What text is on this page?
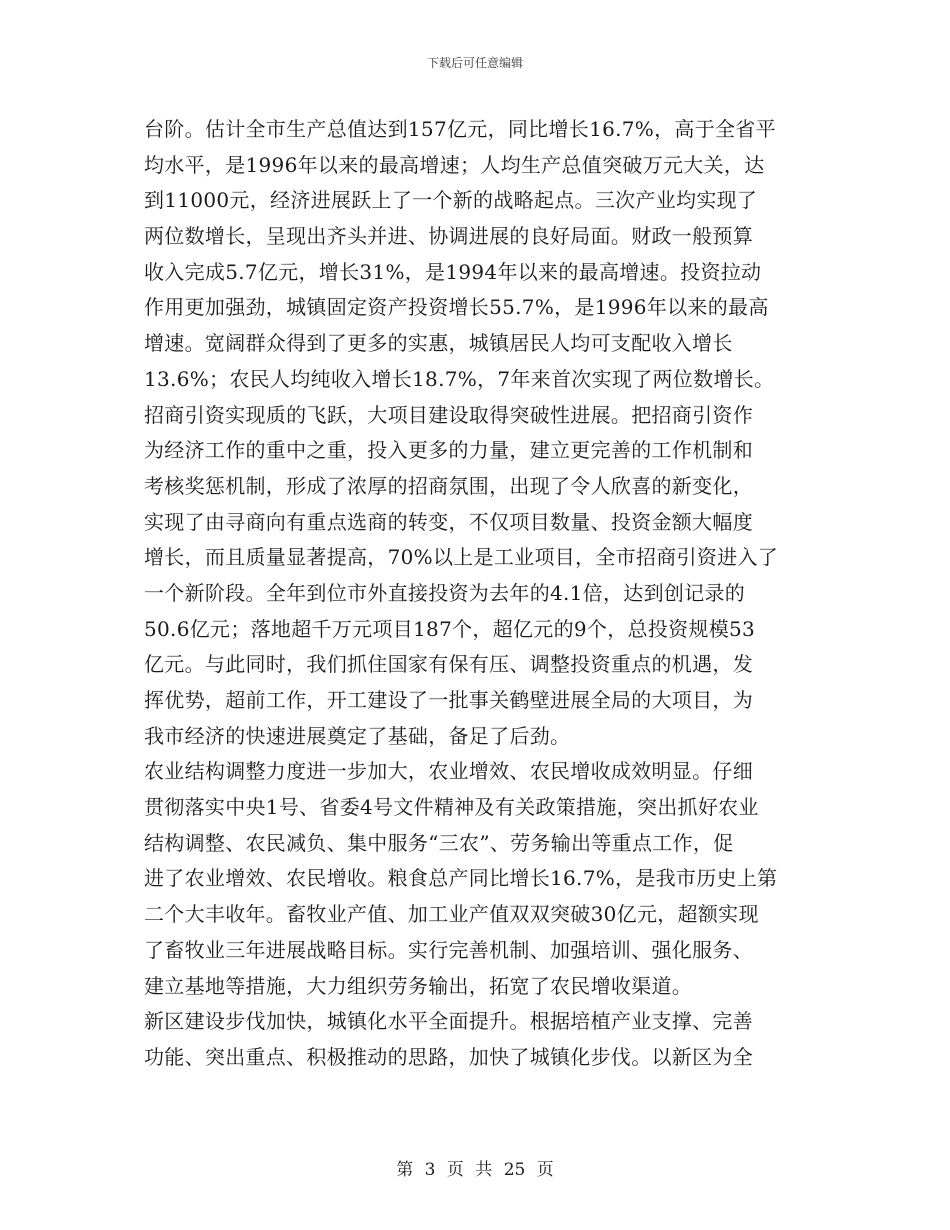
下载后可任意编辑
台阶。估计全市生产总值达到157亿元，同比增长16.7%，高于全省平
均水平，是1996年以来的最高增速；人均生产总值突破万元大关，达
到11000元，经济进展跃上了一个新的战略起点。三次产业均实现了
两位数增长，呈现出齐头并进、协调进展的良好局面。财政一般预算
收入完成5.7亿元，增长31%，是1994年以来的最高增速。投资拉动
作用更加强劲，城镇固定资产投资增长55.7%，是1996年以来的最高
增速。宽阔群众得到了更多的实惠，城镇居民人均可支配收入增长
13.6%；农民人均纯收入增长18.7%，7年来首次实现了两位数增长。
招商引资实现质的飞跃，大项目建设取得突破性进展。把招商引资作
为经济工作的重中之重，投入更多的力量，建立更完善的工作机制和
考核奖惩机制，形成了浓厚的招商氛围，出现了令人欣喜的新变化，
实现了由寻商向有重点选商的转变，不仅项目数量、投资金额大幅度
增长，而且质量显著提高，70%以上是工业项目，全市招商引资进入了
一个新阶段。全年到位市外直接投资为去年的4.1倍，达到创记录的
50.6亿元；落地超千万元项目187个，超亿元的9个，总投资规模53
亿元。与此同时，我们抓住国家有保有压、调整投资重点的机遇，发
挥优势，超前工作，开工建设了一批事关鹤壁进展全局的大项目，为
我市经济的快速进展奠定了基础，备足了后劲。
农业结构调整力度进一步加大，农业增效、农民增收成效明显。仔细
贯彻落实中央1号、省委4号文件精神及有关政策措施，突出抓好农业
结构调整、农民减负、集中服务“三农”、劳务输出等重点工作，促
进了农业增效、农民增收。粮食总产同比增长16.7%，是我市历史上第
二个大丰收年。畜牧业产值、加工业产值双双突破30亿元，超额实现
了畜牧业三年进展战略目标。实行完善机制、加强培训、强化服务、
建立基地等措施，大力组织劳务输出，拓宽了农民增收渠道。
新区建设步伐加快，城镇化水平全面提升。根据培植产业支撑、完善
功能、突出重点、积极推动的思路，加快了城镇化步伐。以新区为全
第 3 页 共 25 页
